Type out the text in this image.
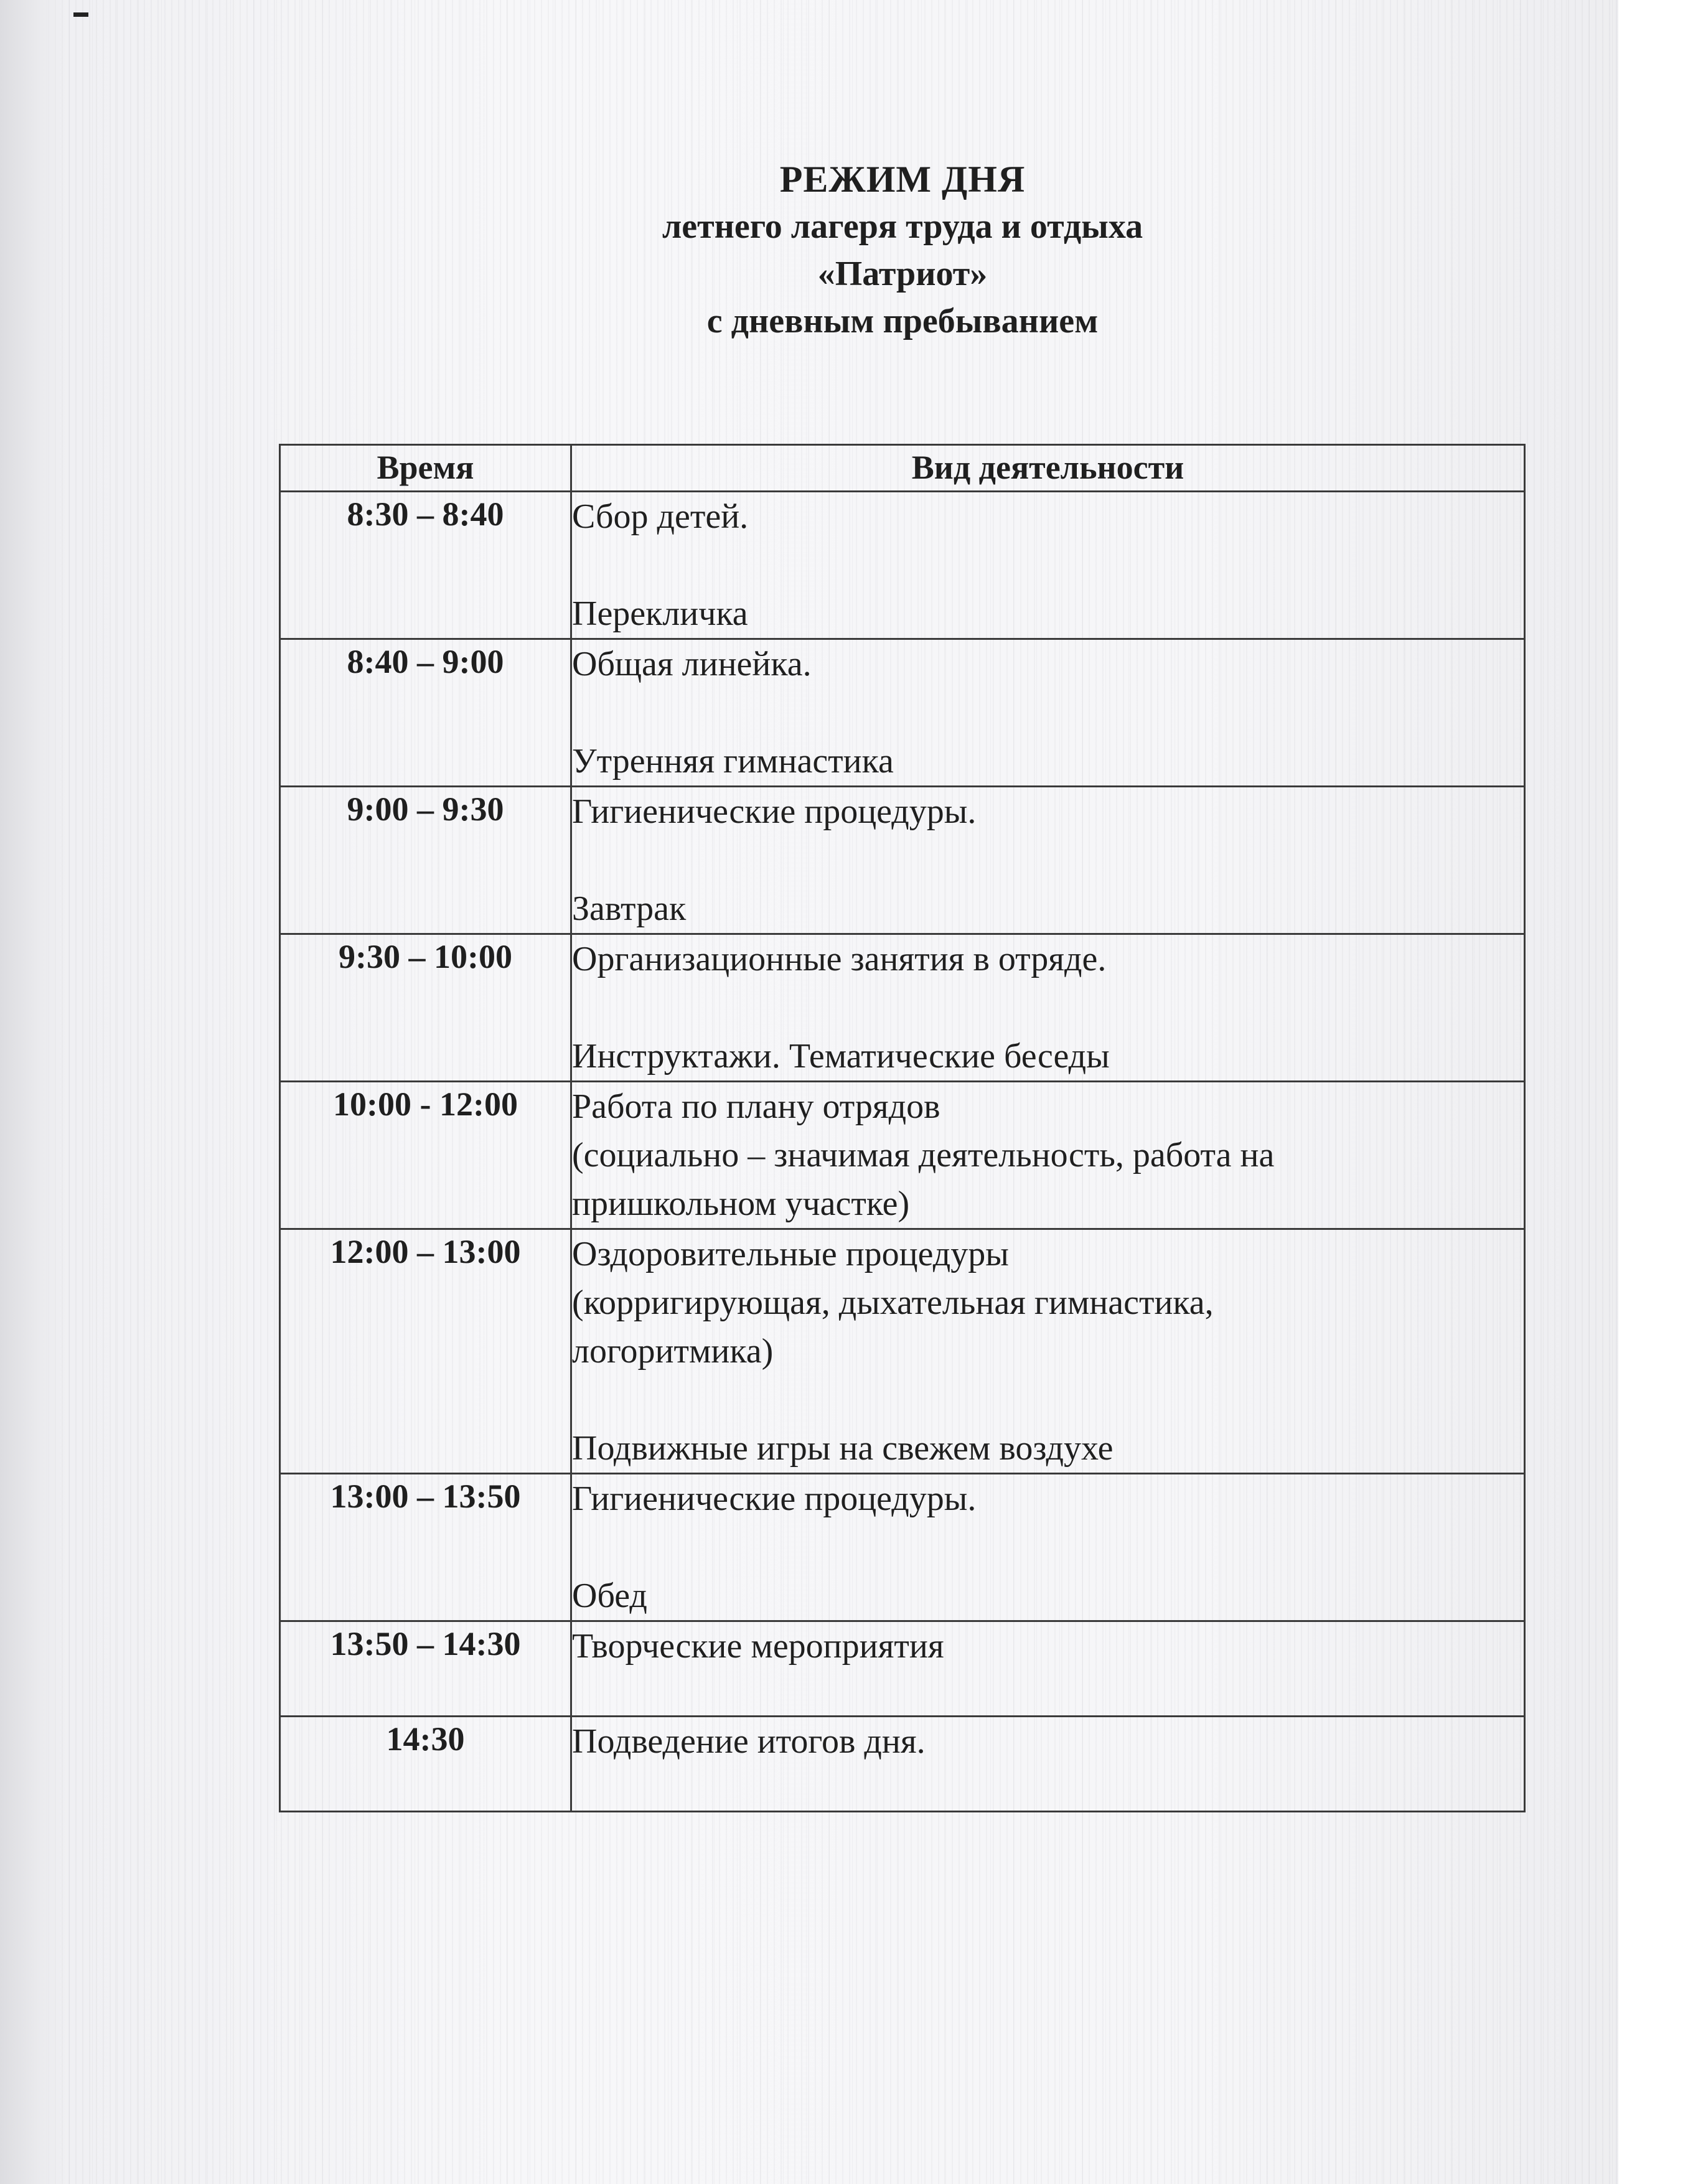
РЕЖИМ ДНЯ
летнего лагеря труда и отдыха
«Патриот»
с дневным пребыванием
Время	Вид деятельности
8:30 – 8:40	Сбор детей.
Перекличка

8:40 – 9:00	Общая линейка.
Утренняя гимнастика

9:00 – 9:30	Гигиенические процедуры.
Завтрак

9:30 – 10:00	Организационные занятия в отряде.
Инструктажи. Тематические беседы

10:00 - 12:00	Работа по плану отрядов
(социально – значимая деятельность, работа на
пришкольном участке)

12:00 – 13:00	Оздоровительные процедуры
(корригирующая, дыхательная гимнастика,
логоритмика)
Подвижные игры на свежем воздухе

13:00 – 13:50	Гигиенические процедуры.
Обед

13:50 – 14:30	Творческие мероприятия

14:30	Подведение итогов дня.
